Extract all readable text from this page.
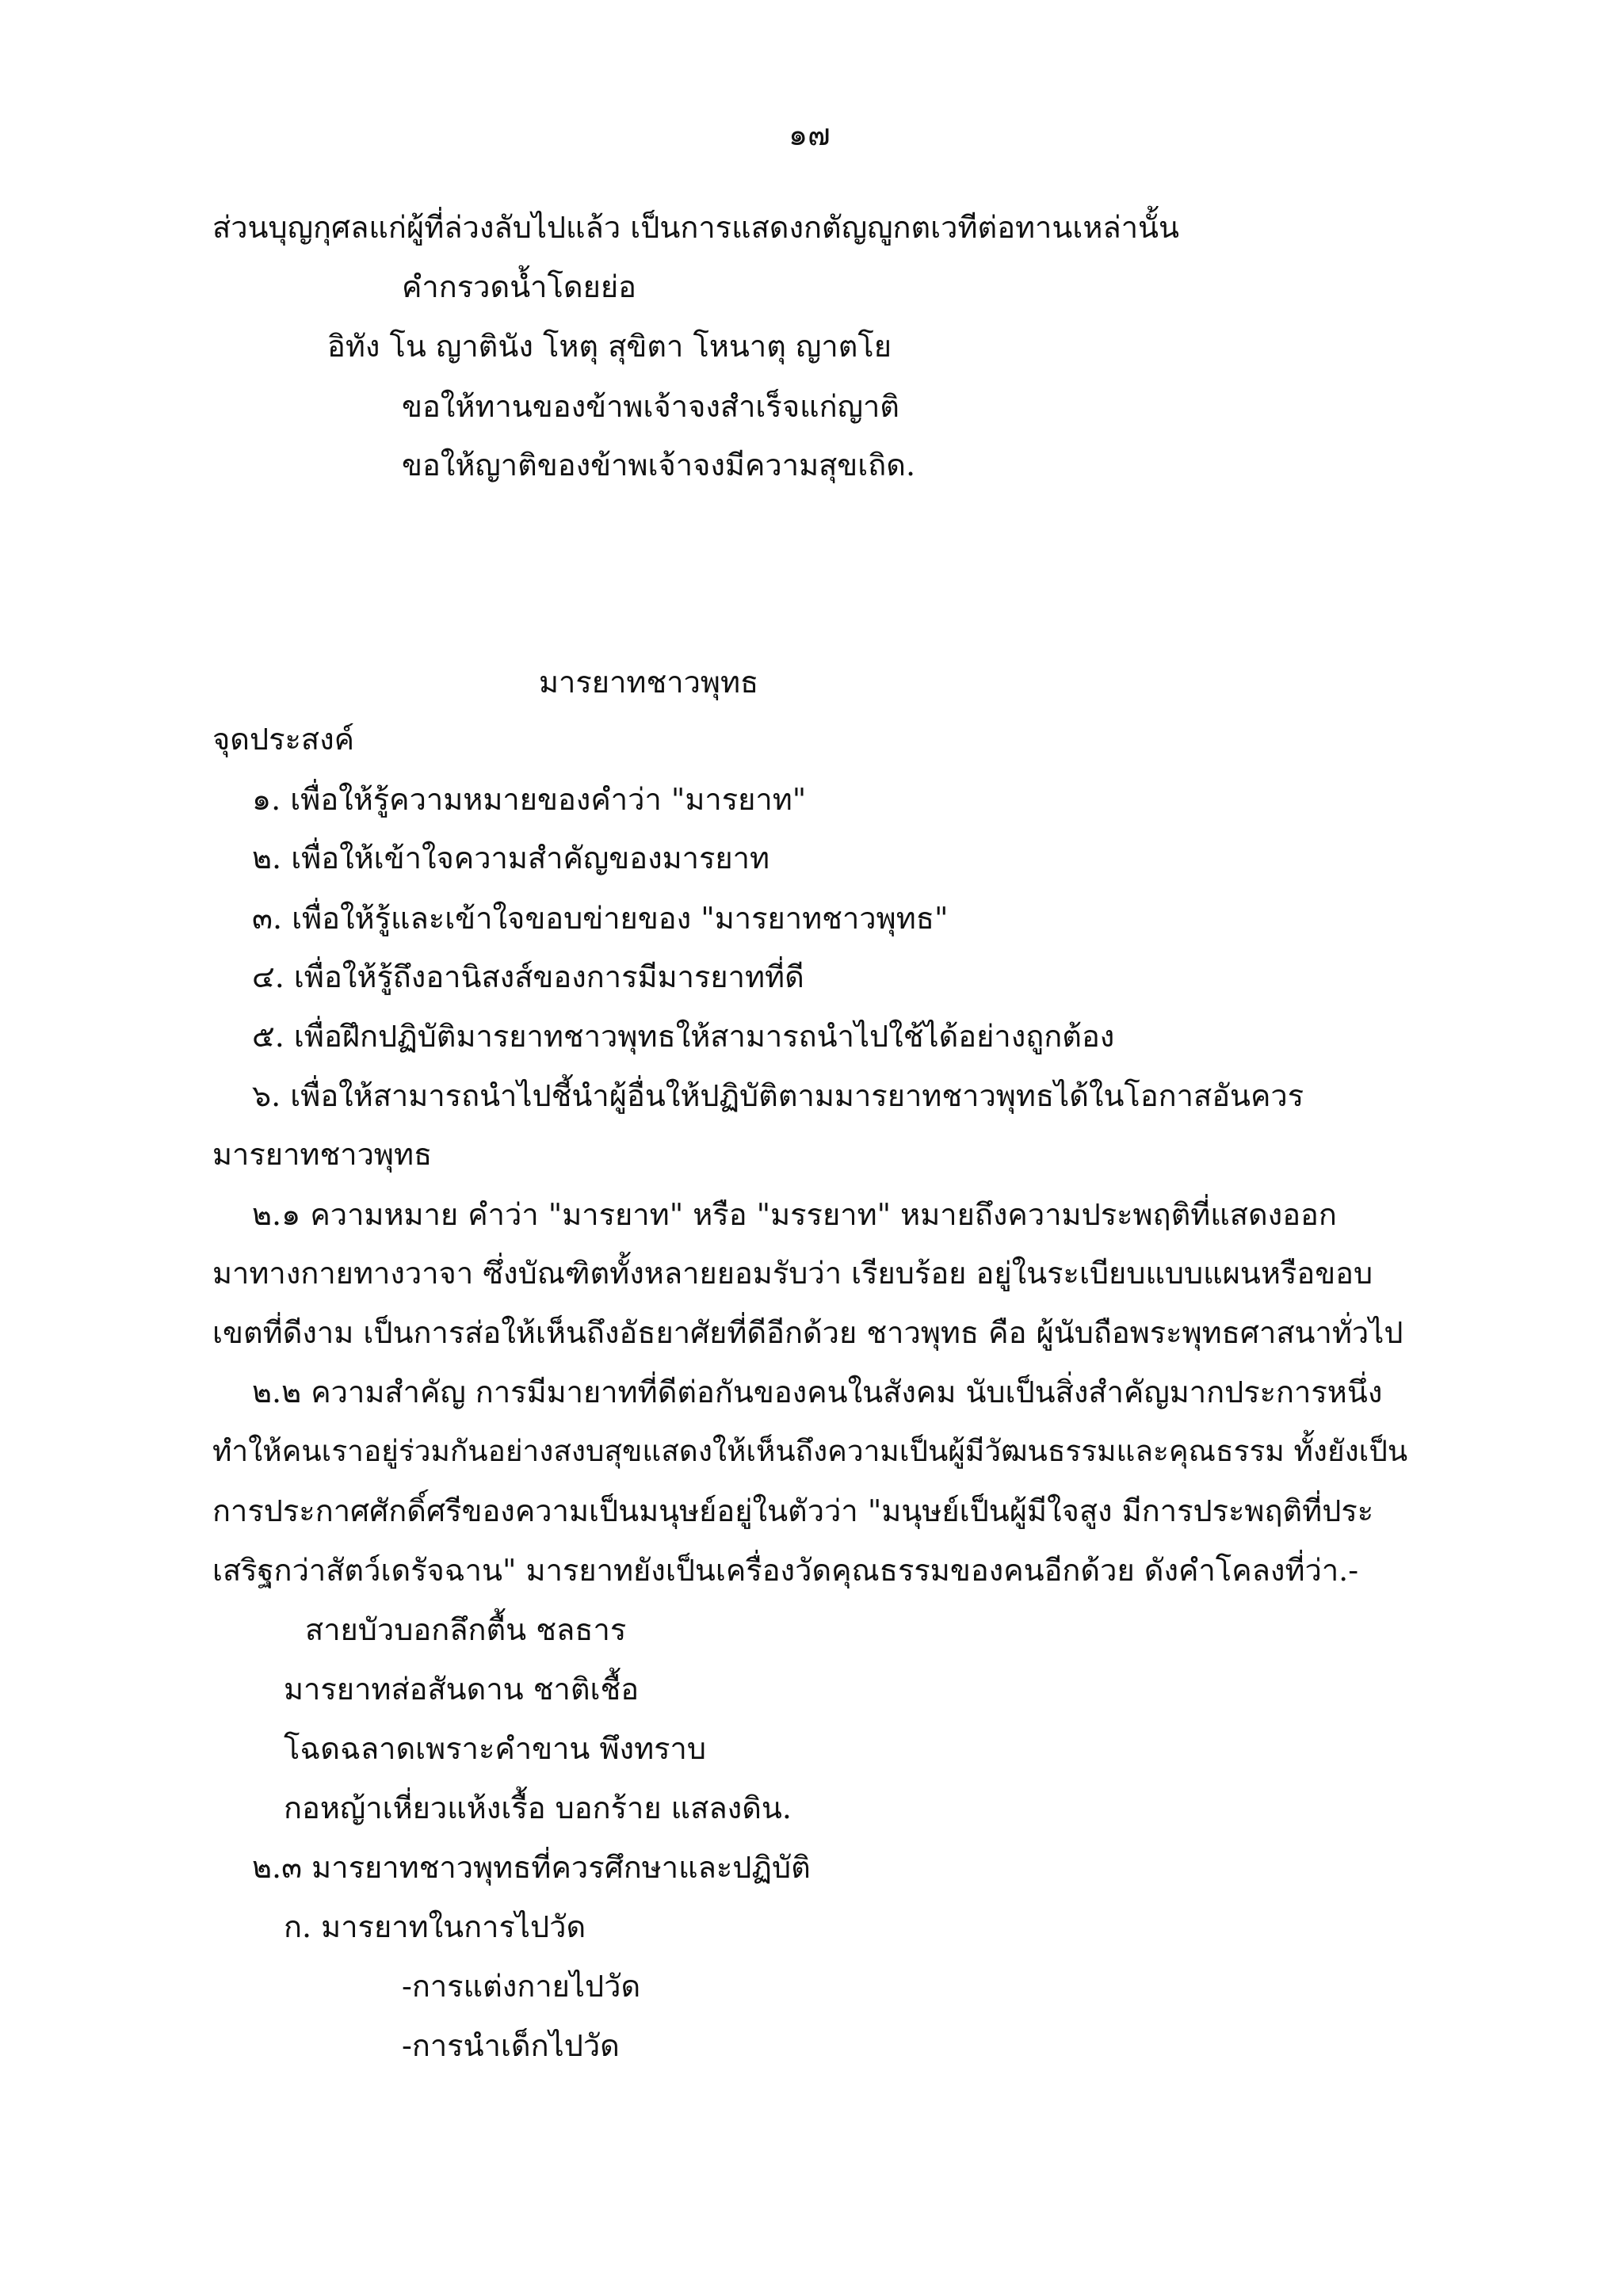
๑๗
ส่วนบุญกุศลแก่ผู้ที่ล่วงลับไปแล้ว เป็นการแสดงกตัญญูกตเวทีต่อทานเหล่านั้น
คำกรวดน้ำโดยย่อ
อิทัง โน ญาตินัง โหตุ สุขิตา โหนาตุ ญาตโย
ขอให้ทานของข้าพเจ้าจงสำเร็จแก่ญาติ
ขอให้ญาติของข้าพเจ้าจงมีความสุขเถิด.
มารยาทชาวพุทธ
จุดประสงค์
๑. เพื่อให้รู้ความหมายของคำว่า "มารยาท"
๒. เพื่อให้เข้าใจความสำคัญของมารยาท
๓. เพื่อให้รู้และเข้าใจขอบข่ายของ "มารยาทชาวพุทธ"
๔. เพื่อให้รู้ถึงอานิสงส์ของการมีมารยาทที่ดี
๕. เพื่อฝึกปฏิบัติมารยาทชาวพุทธให้สามารถนำไปใช้ได้อย่างถูกต้อง
๖. เพื่อให้สามารถนำไปชี้นำผู้อื่นให้ปฏิบัติตามมารยาทชาวพุทธได้ในโอกาสอันควร
มารยาทชาวพุทธ
๒.๑ ความหมาย คำว่า "มารยาท" หรือ "มรรยาท" หมายถึงความประพฤติที่แสดงออก
มาทางกายทางวาจา ซึ่งบัณฑิตทั้งหลายยอมรับว่า เรียบร้อย อยู่ในระเบียบแบบแผนหรือขอบ
เขตที่ดีงาม เป็นการส่อให้เห็นถึงอัธยาศัยที่ดีอีกด้วย ชาวพุทธ คือ ผู้นับถือพระพุทธศาสนาทั่วไป
๒.๒ ความสำคัญ การมีมายาทที่ดีต่อกันของคนในสังคม นับเป็นสิ่งสำคัญมากประการหนึ่ง
ทำให้คนเราอยู่ร่วมกันอย่างสงบสุขแสดงให้เห็นถึงความเป็นผู้มีวัฒนธรรมและคุณธรรม ทั้งยังเป็น
การประกาศศักดิ์ศรีของความเป็นมนุษย์อยู่ในตัวว่า "มนุษย์เป็นผู้มีใจสูง มีการประพฤติที่ประ
เสริฐกว่าสัตว์เดรัจฉาน" มารยาทยังเป็นเครื่องวัดคุณธรรมของคนอีกด้วย ดังคำโคลงที่ว่า.-
สายบัวบอกลึกตื้น ชลธาร
มารยาทส่อสันดาน ชาติเชื้อ
โฉดฉลาดเพราะคำขาน พึงทราบ
กอหญ้าเหี่ยวแห้งเรื้อ บอกร้าย แสลงดิน.
๒.๓ มารยาทชาวพุทธที่ควรศึกษาและปฏิบัติ
ก. มารยาทในการไปวัด
-การแต่งกายไปวัด
-การนำเด็กไปวัด
